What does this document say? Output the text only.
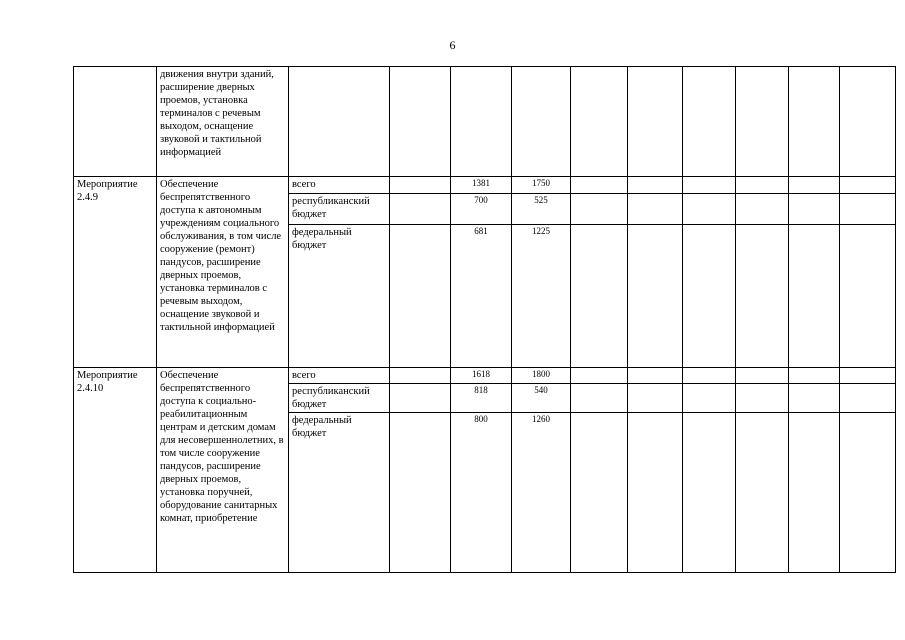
6
	движения внутри зданий, расширение дверных проемов, установка терминалов с речевым выходом, оснащение звуковой и тактильной информацией										
Мероприятие 2.4.9	Обеспечение беспрепятственного доступа к автономным учреждениям социального обслуживания, в том числе сооружение (ремонт) пандусов, расширение дверных проемов, установка терминалов с речевым выходом, оснащение звуковой и тактильной информацией	всего		1381	1750						
		республиканский бюджет		700	525						
		федеральный бюджет		681	1225						
Мероприятие 2.4.10	Обеспечение беспрепятственного доступа к социально-реабилитационным центрам и детским домам для несовершеннолетних, в том числе сооружение пандусов, расширение дверных проемов, установка поручней, оборудование санитарных комнат, приобретение	всего		1618	1800						
		республиканский бюджет		818	540						
		федеральный бюджет		800	1260						
